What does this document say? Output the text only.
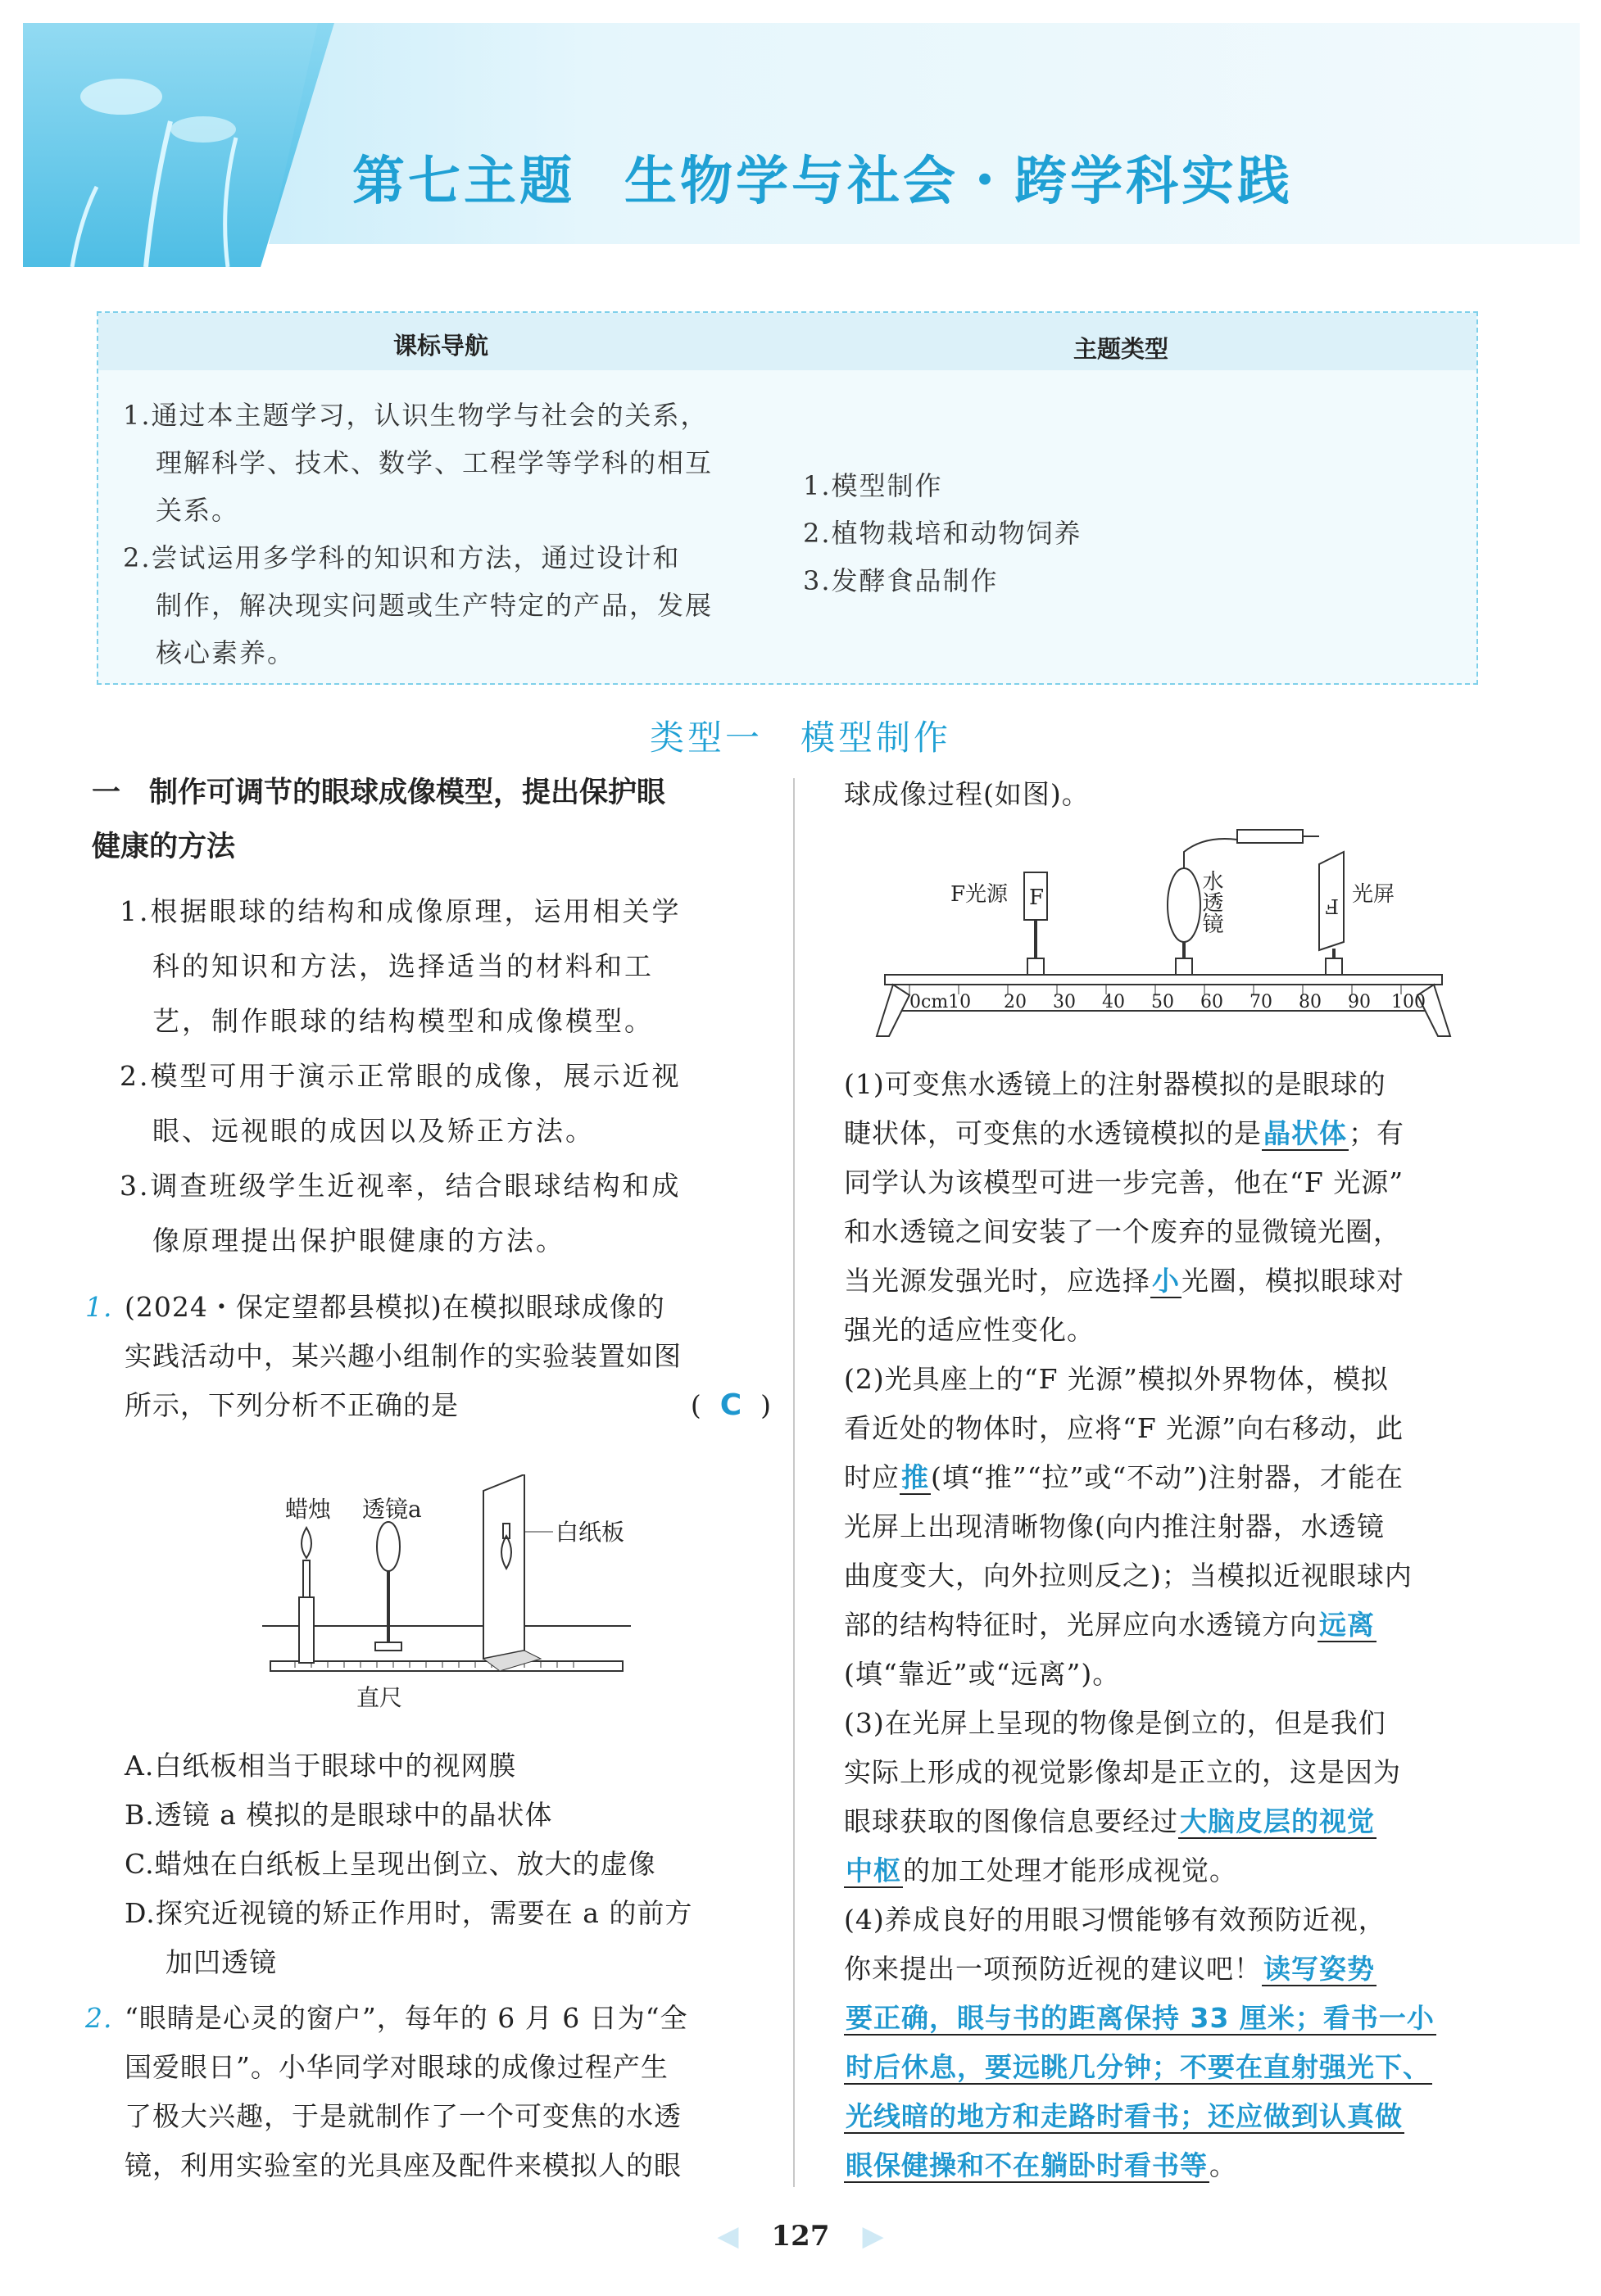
第七主题 生物学与社会・跨学科实践
课标导航	主题类型
1.通过本主题学习，认识生物学与社会的关系，
理解科学、技术、数学、工程学等学科的相互
关系。
2.尝试运用多学科的知识和方法，通过设计和
制作，解决现实问题或生产特定的产品，发展
核心素养。
1.模型制作
2.植物栽培和动物饲养
3.发酵食品制作
类型一　模型制作
一　制作可调节的眼球成像模型，提出保护眼
健康的方法
1.根据眼球的结构和成像原理，运用相关学
科的知识和方法，选择适当的材料和工
艺，制作眼球的结构模型和成像模型。
2.模型可用于演示正常眼的成像，展示近视
眼、远视眼的成因以及矫正方法。
3.调查班级学生近视率，结合眼球结构和成
像原理提出保护眼健康的方法。
1. (2024・保定望都县模拟)在模拟眼球成像的
实践活动中，某兴趣小组制作的实验装置如图
所示，下列分析不正确的是	( C )
蜡烛 透镜a
白纸板
直尺
A.白纸板相当于眼球中的视网膜
B.透镜 a 模拟的是眼球中的晶状体
C.蜡烛在白纸板上呈现出倒立、放大的虚像
D.探究近视镜的矫正作用时，需要在 a 的前方
加凹透镜
2. “眼睛是心灵的窗户”，每年的 6 月 6 日为“全
国爱眼日”。小华同学对眼球的成像过程产生
了极大兴趣，于是就制作了一个可变焦的水透
镜，利用实验室的光具座及配件来模拟人的眼
球成像过程(如图)。
0cm10 20 30 40 50 60 70 80 90 100
F
F光源	水透镜	F 光屏
(1)可变焦水透镜上的注射器模拟的是眼球的
睫状体，可变焦的水透镜模拟的是晶状体；有
同学认为该模型可进一步完善，他在“F 光源”
和水透镜之间安装了一个废弃的显微镜光圈，
当光源发强光时，应选择小光圈，模拟眼球对
强光的适应性变化。
(2)光具座上的“F 光源”模拟外界物体，模拟
看近处的物体时，应将“F 光源”向右移动，此
时应推(填“推”“拉”或“不动”)注射器，才能在
光屏上出现清晰物像(向内推注射器，水透镜
曲度变大，向外拉则反之)；当模拟近视眼球内
部的结构特征时，光屏应向水透镜方向远离
(填“靠近”或“远离”)。
(3)在光屏上呈现的物像是倒立的，但是我们
实际上形成的视觉影像却是正立的，这是因为
眼球获取的图像信息要经过大脑皮层的视觉
中枢的加工处理才能形成视觉。
(4)养成良好的用眼习惯能够有效预防近视，
你来提出一项预防近视的建议吧！读写姿势
要正确，眼与书的距离保持 33 厘米；看书一小
时后休息，要远眺几分钟；不要在直射强光下、
光线暗的地方和走路时看书；还应做到认真做
眼保健操和不在躺卧时看书等。
◀ 127 ▶
